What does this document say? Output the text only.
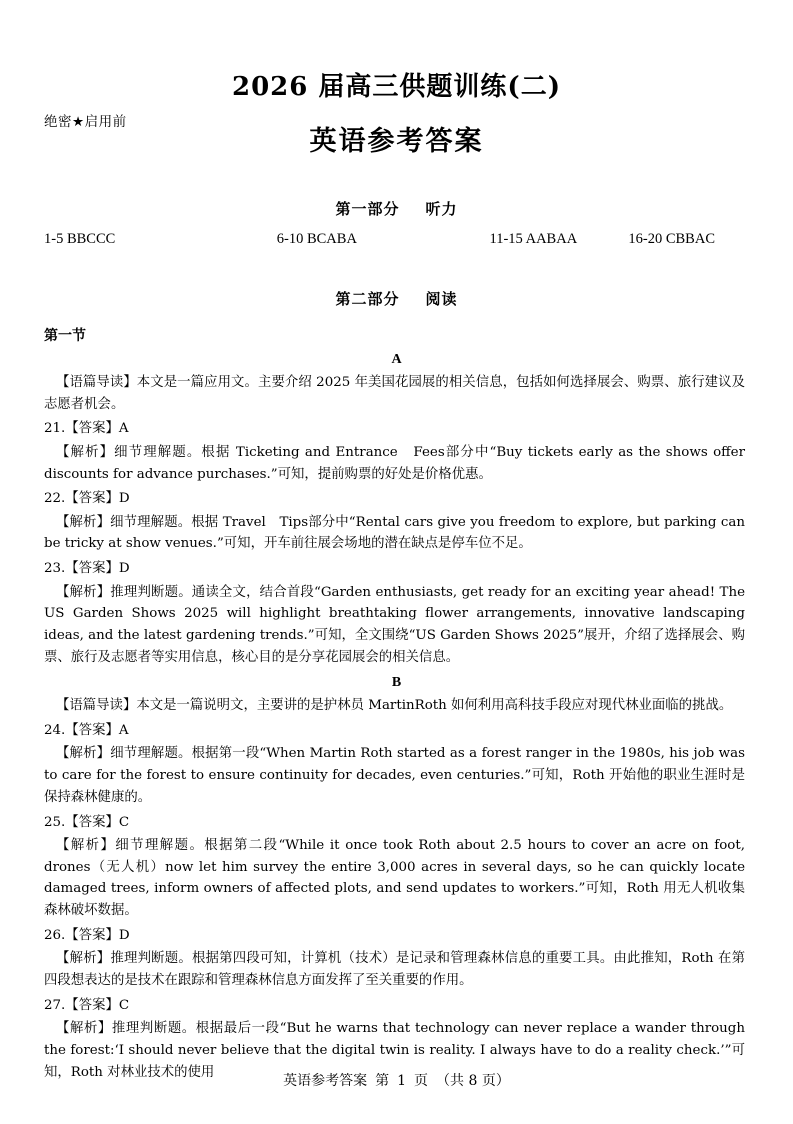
绝密★启用前
2026 届高三供题训练(二)
英语参考答案
第一部分 听力
1-5 BBCCC	6-10 BCABA	11-15 AABAA	16-20 CBBAC
第二部分 阅读
第一节
A
【语篇导读】本文是一篇应用文。主要介绍 2025 年美国花园展的相关信息，包括如何选择展会、购票、旅行建议及志愿者机会。
21.【答案】A
【解析】细节理解题。根据 Ticketing and Entrance　Fees部分中“Buy tickets early as the shows offer discounts for advance purchases.”可知，提前购票的好处是价格优惠。
22.【答案】D
【解析】细节理解题。根据 Travel　Tips部分中“Rental cars give you freedom to explore, but parking can be tricky at show venues.”可知，开车前往展会场地的潜在缺点是停车位不足。
23.【答案】D
【解析】推理判断题。通读全文，结合首段“Garden enthusiasts, get ready for an exciting year ahead! The US Garden Shows 2025 will highlight breathtaking flower arrangements, innovative landscaping ideas, and the latest gardening trends.”可知，全文围绕“US Garden Shows 2025”展开，介绍了选择展会、购票、旅行及志愿者等实用信息，核心目的是分享花园展会的相关信息。
B
【语篇导读】本文是一篇说明文，主要讲的是护林员 MartinRoth 如何利用高科技手段应对现代林业面临的挑战。
24.【答案】A
【解析】细节理解题。根据第一段“When Martin Roth started as a forest ranger in the 1980s, his job was to care for the forest to ensure continuity for decades, even centuries.”可知，Roth 开始他的职业生涯时是保持森林健康的。
25.【答案】C
【解析】细节理解题。根据第二段“While it once took Roth about 2.5 hours to cover an acre on foot, drones（无人机）now let him survey the entire 3,000 acres in several days, so he can quickly locate damaged trees, inform owners of affected plots, and send updates to workers.”可知，Roth 用无人机收集森林破坏数据。
26.【答案】D
【解析】推理判断题。根据第四段可知，计算机（技术）是记录和管理森林信息的重要工具。由此推知，Roth 在第四段想表达的是技术在跟踪和管理森林信息方面发挥了至关重要的作用。
27.【答案】C
【解析】推理判断题。根据最后一段“But he warns that technology can never replace a wander through the forest:‘I should never believe that the digital twin is reality. I always have to do a reality check.’”可知，Roth 对林业技术的使用
英语参考答案 第 1 页 （共 8 页）
